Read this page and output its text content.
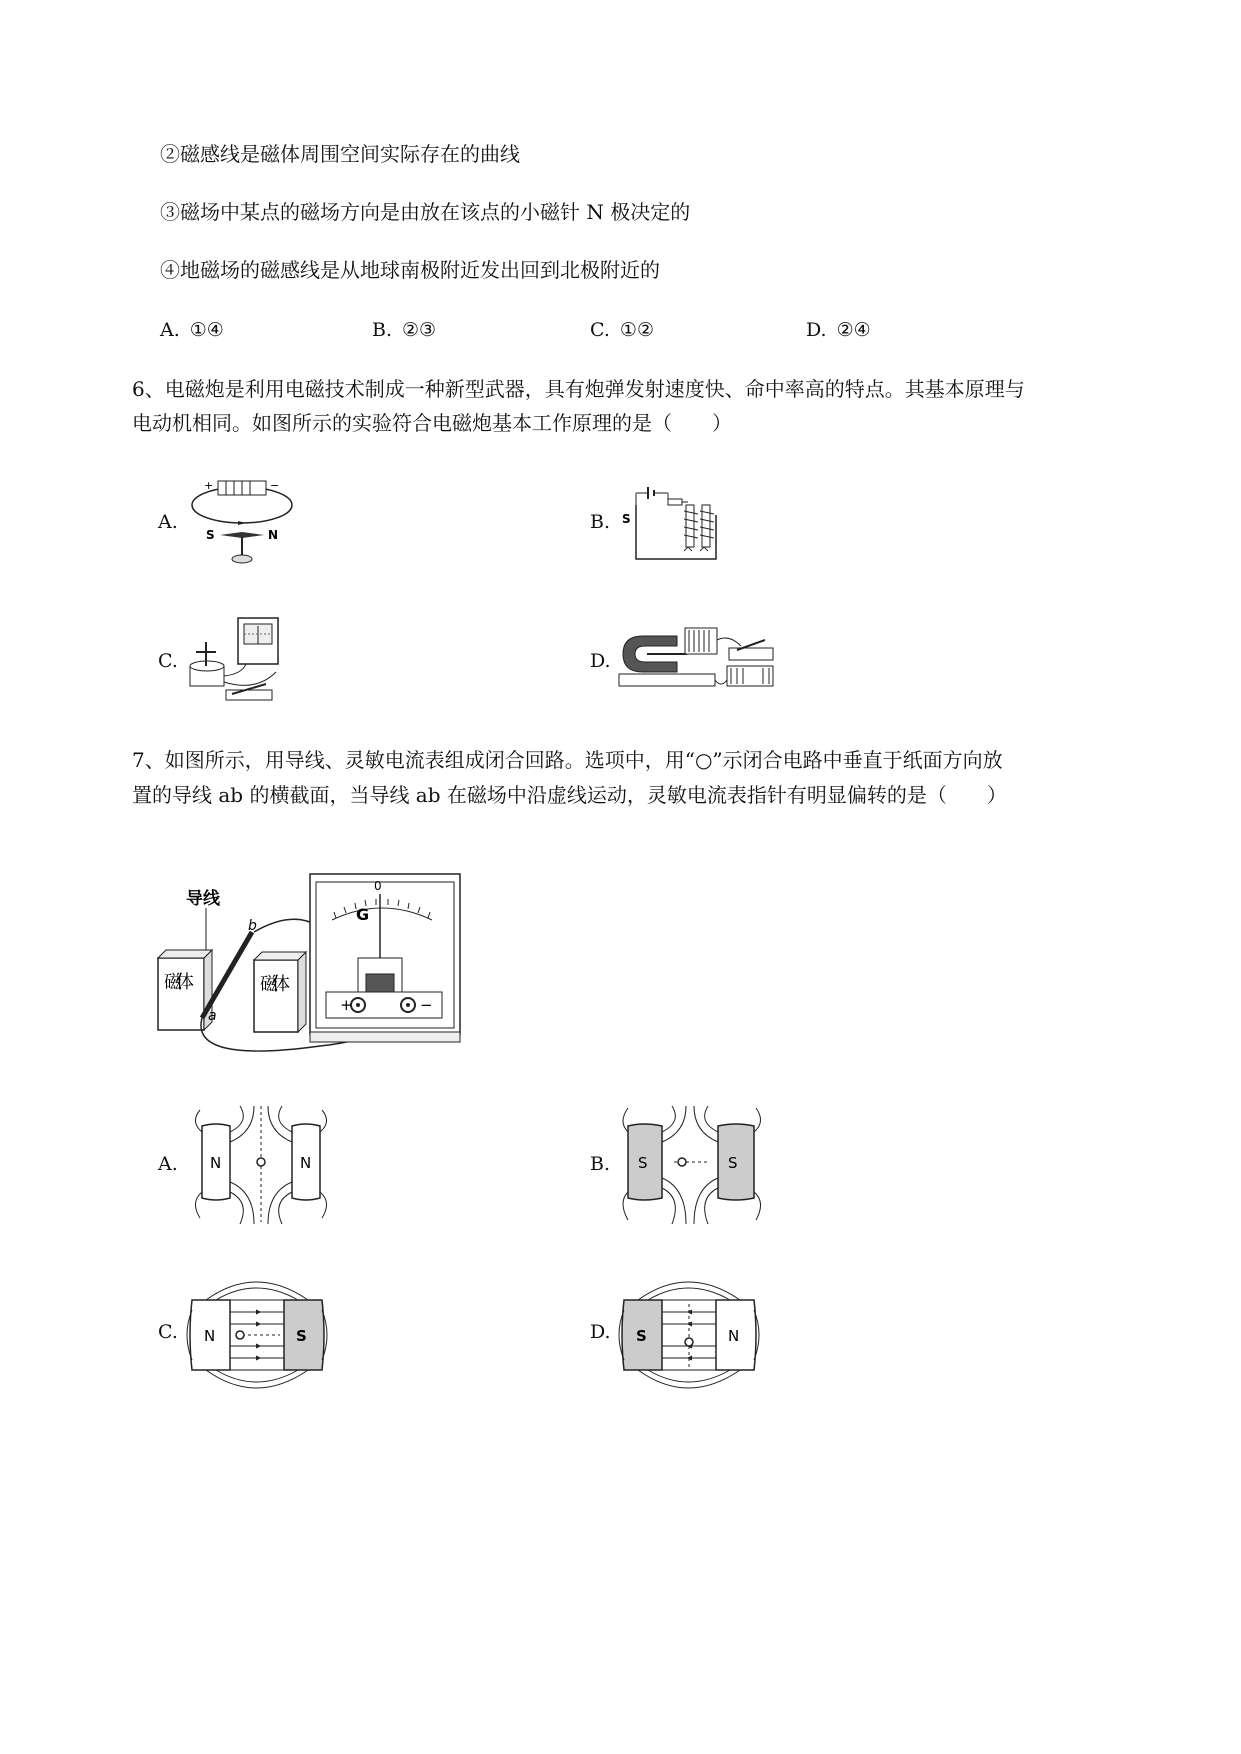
②磁感线是磁体周围空间实际存在的曲线
③磁场中某点的磁场方向是由放在该点的小磁针 N 极决定的
④地磁场的磁感线是从地球南极附近发出回到北极附近的
A. ①④	B. ②③	C. ①②	D. ②④
6、电磁炮是利用电磁技术制成一种新型武器，具有炮弹发射速度快、命中率高的特点。其基本原理与
电动机相同。如图所示的实验符合电磁炮基本工作原理的是（　　）
A.
+	−
S	N
B. S
C.	D.
7、如图所示，用导线、灵敏电流表组成闭合回路。选项中，用“○”示闭合电路中垂直于纸面方向放
置的导线 ab 的横截面，当导线 ab 在磁场中沿虚线运动，灵敏电流表指针有明显偏转的是（　　）
导线
磁体	磁体
b
a
0
G
+	−
A. N	N	B. S	S
C. N	S	D. S	N
